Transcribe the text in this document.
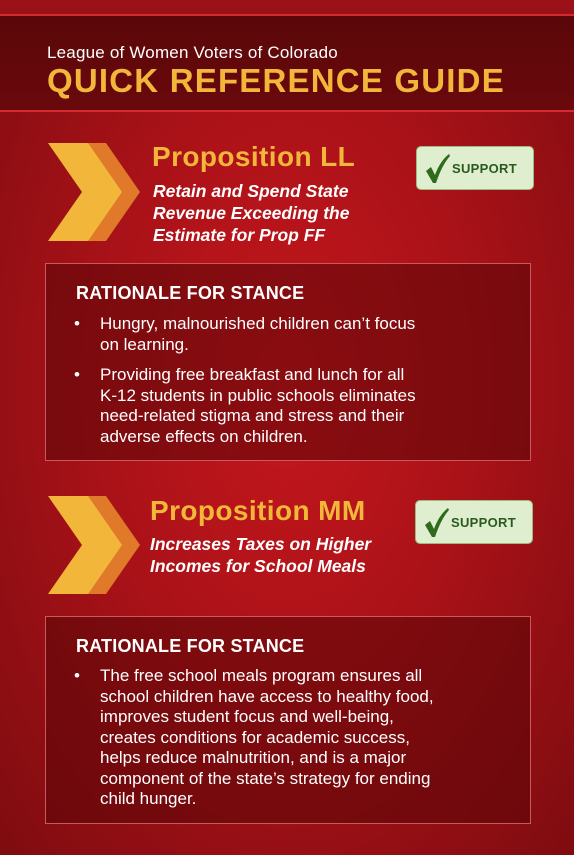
League of Women Voters of Colorado
QUICK REFERENCE GUIDE
Proposition LL
Retain and Spend State
Revenue Exceeding the
Estimate for Prop FF
SUPPORT
RATIONALE FOR STANCE
• Hungry, malnourished children can’t focus
on learning.
• Providing free breakfast and lunch for all
K-12 students in public schools eliminates
need-related stigma and stress and their
adverse effects on children.
Proposition MM
Increases Taxes on Higher
Incomes for School Meals
SUPPORT
RATIONALE FOR STANCE
• The free school meals program ensures all
school children have access to healthy food,
improves student focus and well-being,
creates conditions for academic success,
helps reduce malnutrition, and is a major
component of the state’s strategy for ending
child hunger.
